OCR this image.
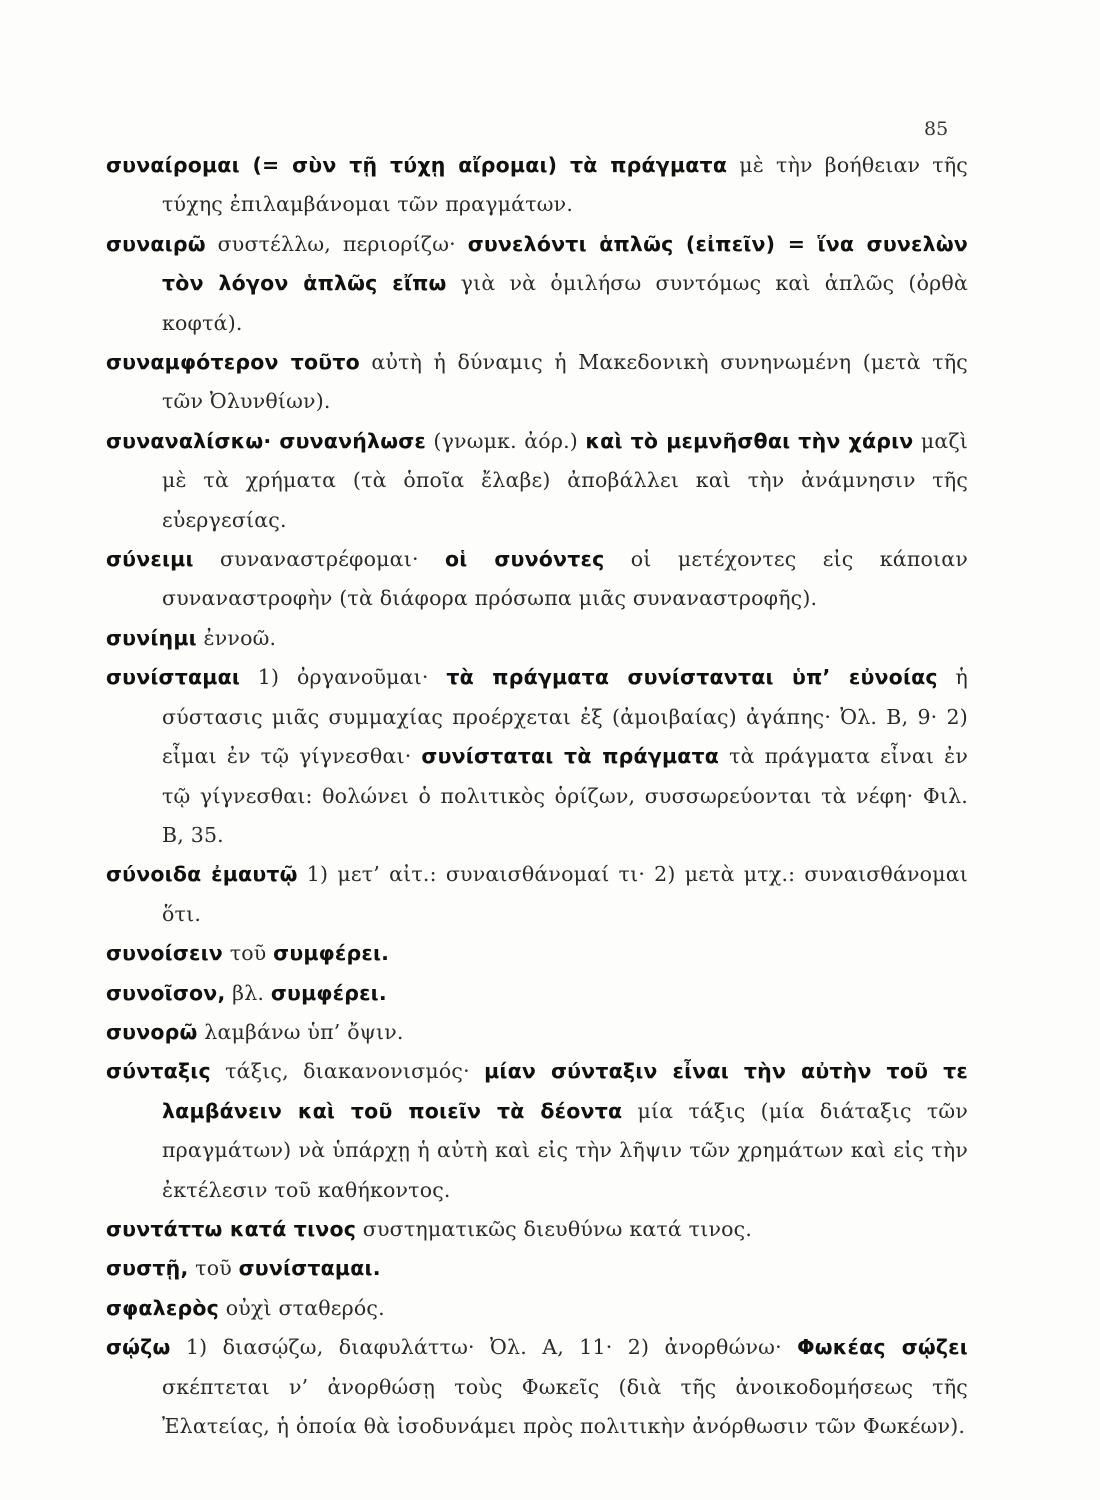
85

συναίρομαι (= σὺν τῇ τύχῃ αἴρομαι) τὰ πράγματα μὲ τὴν βοήθειαν τῆς τύχης ἐπιλαμβάνομαι τῶν πραγμάτων.

συναιρῶ συστέλλω, περιορίζω· συνελόντι ἁπλῶς (εἰπεῖν) = ἵνα συνελὼν τὸν λόγον ἁπλῶς εἴπω γιὰ νὰ ὁμιλήσω συντόμως καὶ ἁπλῶς (ὀρθὰ κοφτά).

συναμφότερον τοῦτο αὐτὴ ἡ δύναμις ἡ Μακεδονικὴ συνηνωμένη (μετὰ τῆς τῶν Ὀλυνθίων).

συναναλίσκω· συνανήλωσε (γνωμκ. ἀόρ.) καὶ τὸ μεμνῆσθαι τὴν χάριν μαζὶ μὲ τὰ χρήματα (τὰ ὁποῖα ἔλαβε) ἀποβάλλει καὶ τὴν ἀνάμνησιν τῆς εὐεργεσίας.

σύνειμι συναναστρέφομαι· οἱ συνόντες οἱ μετέχοντες εἰς κάποιαν συναναστροφὴν (τὰ διάφορα πρόσωπα μιᾶς συναναστροφῆς).

συνίημι ἐννοῶ.

συνίσταμαι 1) ὀργανοῦμαι· τὰ πράγματα συνίστανται ὑπ’ εὐνοίας ἡ σύστασις μιᾶς συμμαχίας προέρχεται ἐξ (ἀμοιβαίας) ἀγάπης· Ὀλ. Β, 9· 2) εἶμαι ἐν τῷ γίγνεσθαι· συνίσταται τὰ πράγματα τὰ πράγματα εἶναι ἐν τῷ γίγνεσθαι: θολώνει ὁ πολιτικὸς ὁρίζων, συσσωρεύονται τὰ νέφη· Φιλ. Β, 35.

σύνοιδα ἐμαυτῷ 1) μετ’ αἰτ.: συναισθάνομαί τι· 2) μετὰ μτχ.: συναισθάνομαι ὅτι.

συνοίσειν τοῦ συμφέρει.

συνοῖσον, βλ. συμφέρει.

συνορῶ λαμβάνω ὑπ’ ὄψιν.

σύνταξις τάξις, διακανονισμός· μίαν σύνταξιν εἶναι τὴν αὐτὴν τοῦ τε λαμβάνειν καὶ τοῦ ποιεῖν τὰ δέοντα μία τάξις (μία διάταξις τῶν πραγμάτων) νὰ ὑπάρχῃ ἡ αὐτὴ καὶ εἰς τὴν λῆψιν τῶν χρημάτων καὶ εἰς τὴν ἐκτέλεσιν τοῦ καθήκοντος.

συντάττω κατά τινος συστηματικῶς διευθύνω κατά τινος.

συστῇ, τοῦ συνίσταμαι.

σφαλερὸς οὐχὶ σταθερός.

σῴζω 1) διασῴζω, διαφυλάττω· Ὀλ. Α, 11· 2) ἀνορθώνω· Φωκέας σῴζει σκέπτεται ν’ ἀνορθώσῃ τοὺς Φωκεῖς (διὰ τῆς ἀνοικοδομήσεως τῆς Ἐλατείας, ἡ ὁποία θὰ ἰσοδυνάμει πρὸς πολιτικὴν ἀνόρθωσιν τῶν Φωκέων).
